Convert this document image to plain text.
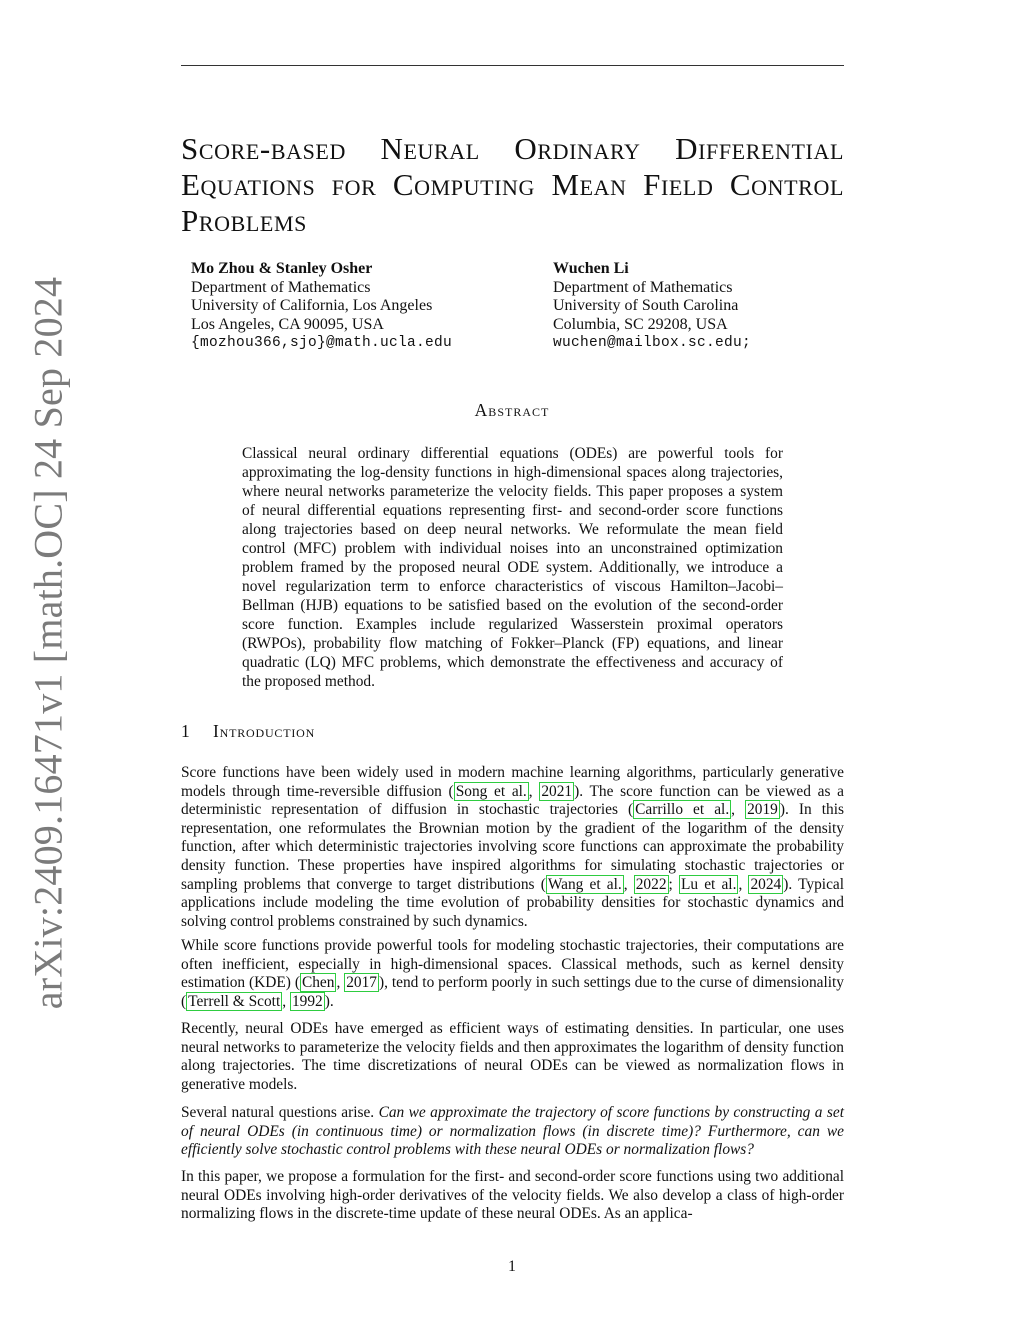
arXiv:2409.16471v1 [math.OC] 24 Sep 2024
Score-based Neural Ordinary Differential
Equations for Computing Mean Field Control
Problems
Mo Zhou & Stanley Osher
Department of Mathematics
University of California, Los Angeles
Los Angeles, CA 90095, USA
{mozhou366,sjo}@math.ucla.edu
Wuchen Li
Department of Mathematics
University of South Carolina
Columbia, SC 29208, USA
wuchen@mailbox.sc.edu;
Abstract
Classical neural ordinary differential equations (ODEs) are powerful tools for approximating the log-density functions in high-dimensional spaces along trajectories, where neural networks parameterize the velocity fields. This paper proposes a system of neural differential equations representing first- and second-order score functions along trajectories based on deep neural networks. We reformulate the mean field control (MFC) problem with individual noises into an unconstrained optimization problem framed by the proposed neural ODE system. Additionally, we introduce a novel regularization term to enforce characteristics of viscous Hamilton–Jacobi–Bellman (HJB) equations to be satisfied based on the evolution of the second-order score function. Examples include regularized Wasserstein proximal operators (RWPOs), probability flow matching of Fokker–Planck (FP) equations, and linear quadratic (LQ) MFC problems, which demonstrate the effectiveness and accuracy of the proposed method.
1 Introduction
Score functions have been widely used in modern machine learning algorithms, particularly generative models through time-reversible diffusion ( Song et al. , 2021 ). The score function can be viewed as a deterministic representation of diffusion in stochastic trajectories ( Carrillo et al. , 2019 ). In this representation, one reformulates the Brownian motion by the gradient of the logarithm of the density function, after which deterministic trajectories involving score functions can approximate the probability density function. These properties have inspired algorithms for simulating stochastic trajectories or sampling problems that converge to target distributions ( Wang et al. , 2022 ; Lu et al. , 2024 ). Typical applications include modeling the time evolution of probability densities for stochastic dynamics and solving control problems constrained by such dynamics.
While score functions provide powerful tools for modeling stochastic trajectories, their computations are often inefficient, especially in high-dimensional spaces. Classical methods, such as kernel density estimation (KDE) ( Chen , 2017 ), tend to perform poorly in such settings due to the curse of dimensionality ( Terrell & Scott , 1992 ).
Recently, neural ODEs have emerged as efficient ways of estimating densities. In particular, one uses neural networks to parameterize the velocity fields and then approximates the logarithm of density function along trajectories. The time discretizations of neural ODEs can be viewed as normalization flows in generative models.
Several natural questions arise. Can we approximate the trajectory of score functions by constructing a set of neural ODEs (in continuous time) or normalization flows (in discrete time)? Furthermore, can we efficiently solve stochastic control problems with these neural ODEs or normalization flows?
In this paper, we propose a formulation for the first- and second-order score functions using two additional neural ODEs involving high-order derivatives of the velocity fields. We also develop a class of high-order normalizing flows in the discrete-time update of these neural ODEs. As an applica-
1
